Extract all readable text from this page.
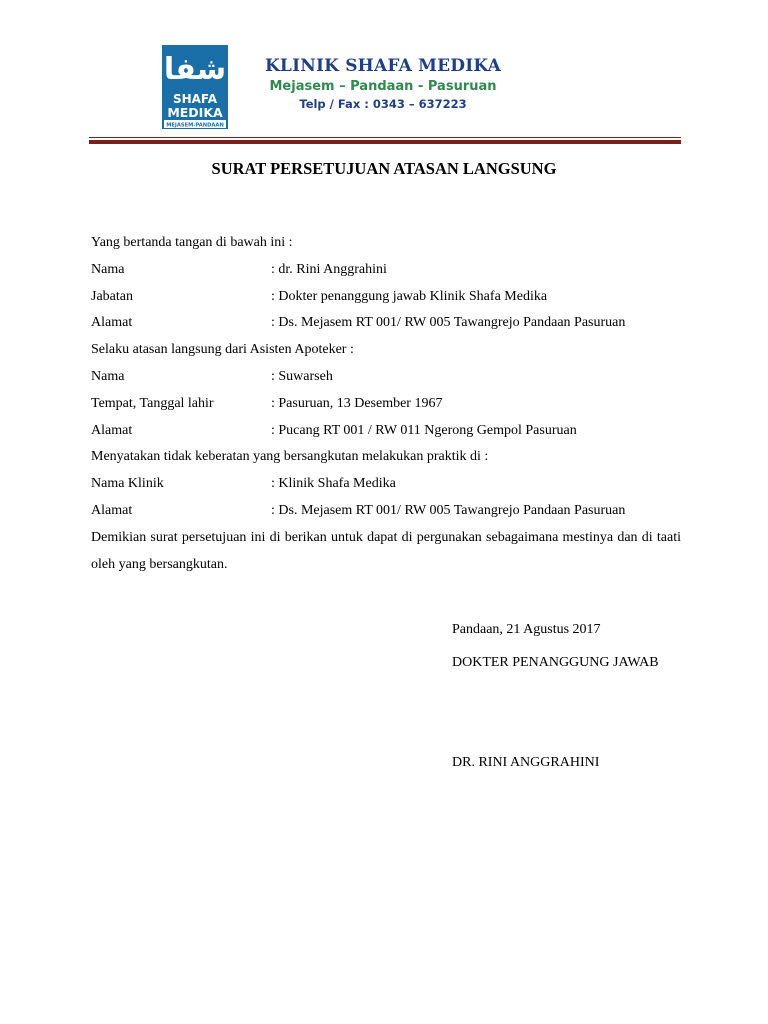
شفا
SHAFA
MEDIKA
MEJASEM-PANDAAN
KLINIK SHAFA MEDIKA
Mejasem – Pandaan - Pasuruan
Telp / Fax : 0343 – 637223
SURAT PERSETUJUAN ATASAN LANGSUNG
Yang bertanda tangan di bawah ini :
Nama	: dr. Rini Anggrahini
Jabatan	: Dokter penanggung jawab Klinik Shafa Medika
Alamat	: Ds. Mejasem RT 001/ RW 005 Tawangrejo Pandaan Pasuruan
Selaku atasan langsung dari Asisten Apoteker :
Nama	: Suwarseh
Tempat, Tanggal lahir	: Pasuruan, 13 Desember 1967
Alamat	: Pucang RT 001 / RW 011 Ngerong Gempol Pasuruan
Menyatakan tidak keberatan yang bersangkutan melakukan praktik di :
Nama Klinik	: Klinik Shafa Medika
Alamat	: Ds. Mejasem RT 001/ RW 005 Tawangrejo Pandaan Pasuruan
Demikian surat persetujuan ini di berikan untuk dapat di pergunakan sebagaimana mestinya dan di taati oleh yang bersangkutan.
Pandaan, 21 Agustus 2017
DOKTER PENANGGUNG JAWAB
DR. RINI ANGGRAHINI
